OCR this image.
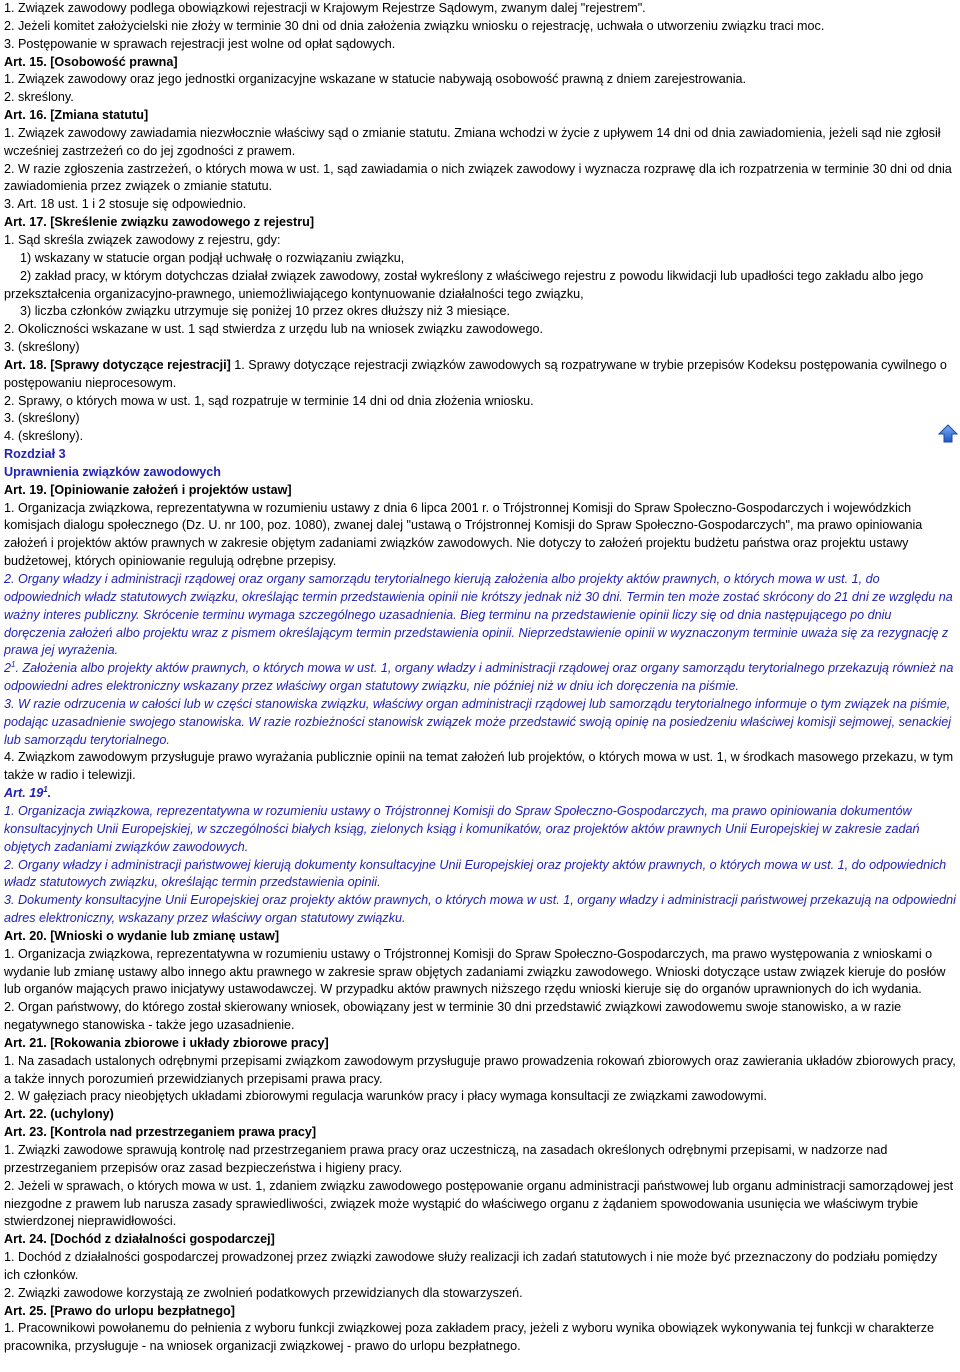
1. Związek zawodowy podlega obowiązkowi rejestracji w Krajowym Rejestrze Sądowym, zwanym dalej "rejestrem".

2. Jeżeli komitet założycielski nie złoży w terminie 30 dni od dnia założenia związku wniosku o rejestrację, uchwała o utworzeniu związku traci moc.

3. Postępowanie w sprawach rejestracji jest wolne od opłat sądowych.

Art. 15. [Osobowość prawna]

1. Związek zawodowy oraz jego jednostki organizacyjne wskazane w statucie nabywają osobowość prawną z dniem zarejestrowania.

2. skreślony.

Art. 16. [Zmiana statutu]

1. Związek zawodowy zawiadamia niezwłocznie właściwy sąd o zmianie statutu. Zmiana wchodzi w życie z upływem 14 dni od dnia zawiadomienia, jeżeli sąd nie zgłosił wcześniej zastrzeżeń co do jej zgodności z prawem.

2. W razie zgłoszenia zastrzeżeń, o których mowa w ust. 1, sąd zawiadamia o nich związek zawodowy i wyznacza rozprawę dla ich rozpatrzenia w terminie 30 dni od dnia zawiadomienia przez związek o zmianie statutu.

3. Art. 18 ust. 1 i 2 stosuje się odpowiednio.

Art. 17. [Skreślenie związku zawodowego z rejestru]

1. Sąd skreśla związek zawodowy z rejestru, gdy:

1) wskazany w statucie organ podjął uchwałę o rozwiązaniu związku,

2) zakład pracy, w którym dotychczas działał związek zawodowy, został wykreślony z właściwego rejestru z powodu likwidacji lub upadłości tego zakładu albo jego przekształcenia organizacyjno-prawnego, uniemożliwiającego kontynuowanie działalności tego związku,

3) liczba członków związku utrzymuje się poniżej 10 przez okres dłuższy niż 3 miesiące.

2. Okoliczności wskazane w ust. 1 sąd stwierdza z urzędu lub na wniosek związku zawodowego.

3. (skreślony)

Art. 18. [Sprawy dotyczące rejestracji] 1. Sprawy dotyczące rejestracji związków zawodowych są rozpatrywane w trybie przepisów Kodeksu postępowania cywilnego o postępowaniu nieprocesowym.

2. Sprawy, o których mowa w ust. 1, sąd rozpatruje w terminie 14 dni od dnia złożenia wniosku.

3. (skreślony)

4. (skreślony).

Rozdział 3

Uprawnienia związków zawodowych

Art. 19. [Opiniowanie założeń i projektów ustaw]

1. Organizacja związkowa, reprezentatywna w rozumieniu ustawy z dnia 6 lipca 2001 r. o Trójstronnej Komisji do Spraw Społeczno-Gospodarczych i wojewódzkich komisjach dialogu społecznego (Dz. U. nr 100, poz. 1080), zwanej dalej "ustawą o Trójstronnej Komisji do Spraw Społeczno-Gospodarczych", ma prawo opiniowania założeń i projektów aktów prawnych w zakresie objętym zadaniami związków zawodowych. Nie dotyczy to założeń projektu budżetu państwa oraz projektu ustawy budżetowej, których opiniowanie regulują odrębne przepisy.

2. Organy władzy i administracji rządowej oraz organy samorządu terytorialnego kierują założenia albo projekty aktów prawnych, o których mowa w ust. 1, do odpowiednich władz statutowych związku, określając termin przedstawienia opinii nie krótszy jednak niż 30 dni. Termin ten może zostać skrócony do 21 dni ze względu na ważny interes publiczny. Skrócenie terminu wymaga szczególnego uzasadnienia. Bieg terminu na przedstawienie opinii liczy się od dnia następującego po dniu doręczenia założeń albo projektu wraz z pismem określającym termin przedstawienia opinii. Nieprzedstawienie opinii w wyznaczonym terminie uważa się za rezygnację z prawa jej wyrażenia.

$2^1$. Założenia albo projekty aktów prawnych, o których mowa w ust. 1, organy władzy i administracji rządowej oraz organy samorządu terytorialnego przekazują również na odpowiedni adres elektroniczny wskazany przez właściwy organ statutowy związku, nie później niż w dniu ich doręczenia na piśmie.

3. W razie odrzucenia w całości lub w części stanowiska związku, właściwy organ administracji rządowej lub samorządu terytorialnego informuje o tym związek na piśmie, podając uzasadnienie swojego stanowiska. W razie rozbieżności stanowisk związek może przedstawić swoją opinię na posiedzeniu właściwej komisji sejmowej, senackiej lub samorządu terytorialnego.

4. Związkom zawodowym przysługuje prawo wyrażania publicznie opinii na temat założeń lub projektów, o których mowa w ust. 1, w środkach masowego przekazu, w tym także w radio i telewizji.

Art. $19^1$.

1. Organizacja związkowa, reprezentatywna w rozumieniu ustawy o Trójstronnej Komisji do Spraw Społeczno-Gospodarczych, ma prawo opiniowania dokumentów konsultacyjnych Unii Europejskiej, w szczególności białych ksiąg, zielonych ksiąg i komunikatów, oraz projektów aktów prawnych Unii Europejskiej w zakresie zadań objętych zadaniami związków zawodowych.

2. Organy władzy i administracji państwowej kierują dokumenty konsultacyjne Unii Europejskiej oraz projekty aktów prawnych, o których mowa w ust. 1, do odpowiednich władz statutowych związku, określając termin przedstawienia opinii.

3. Dokumenty konsultacyjne Unii Europejskiej oraz projekty aktów prawnych, o których mowa w ust. 1, organy władzy i administracji państwowej przekazują na odpowiedni adres elektroniczny, wskazany przez właściwy organ statutowy związku.

Art. 20. [Wnioski o wydanie lub zmianę ustaw]

1. Organizacja związkowa, reprezentatywna w rozumieniu ustawy o Trójstronnej Komisji do Spraw Społeczno-Gospodarczych, ma prawo występowania z wnioskami o wydanie lub zmianę ustawy albo innego aktu prawnego w zakresie spraw objętych zadaniami związku zawodowego. Wnioski dotyczące ustaw związek kieruje do posłów lub organów mających prawo inicjatywy ustawodawczej. W przypadku aktów prawnych niższego rzędu wnioski kieruje się do organów uprawnionych do ich wydania.

2. Organ państwowy, do którego został skierowany wniosek, obowiązany jest w terminie 30 dni przedstawić związkowi zawodowemu swoje stanowisko, a w razie negatywnego stanowiska - także jego uzasadnienie.

Art. 21. [Rokowania zbiorowe i układy zbiorowe pracy]

1. Na zasadach ustalonych odrębnymi przepisami związkom zawodowym przysługuje prawo prowadzenia rokowań zbiorowych oraz zawierania układów zbiorowych pracy, a także innych porozumień przewidzianych przepisami prawa pracy.

2. W gałęziach pracy nieobjętych układami zbiorowymi regulacja warunków pracy i płacy wymaga konsultacji ze związkami zawodowymi.

Art. 22. (uchylony)

Art. 23. [Kontrola nad przestrzeganiem prawa pracy]

1. Związki zawodowe sprawują kontrolę nad przestrzeganiem prawa pracy oraz uczestniczą, na zasadach określonych odrębnymi przepisami, w nadzorze nad przestrzeganiem przepisów oraz zasad bezpieczeństwa i higieny pracy.

2. Jeżeli w sprawach, o których mowa w ust. 1, zdaniem związku zawodowego postępowanie organu administracji państwowej lub organu administracji samorządowej jest niezgodne z prawem lub narusza zasady sprawiedliwości, związek może wystąpić do właściwego organu z żądaniem spowodowania usunięcia we właściwym trybie stwierdzonej nieprawidłowości.

Art. 24. [Dochód z działalności gospodarczej]

1. Dochód z działalności gospodarczej prowadzonej przez związki zawodowe służy realizacji ich zadań statutowych i nie może być przeznaczony do podziału pomiędzy ich członków.

2. Związki zawodowe korzystają ze zwolnień podatkowych przewidzianych dla stowarzyszeń.

Art. 25. [Prawo do urlopu bezpłatnego]

1. Pracownikowi powołanemu do pełnienia z wyboru funkcji związkowej poza zakładem pracy, jeżeli z wyboru wynika obowiązek wykonywania tej funkcji w charakterze pracownika, przysługuje - na wniosek organizacji związkowej - prawo do urlopu bezpłatnego.
